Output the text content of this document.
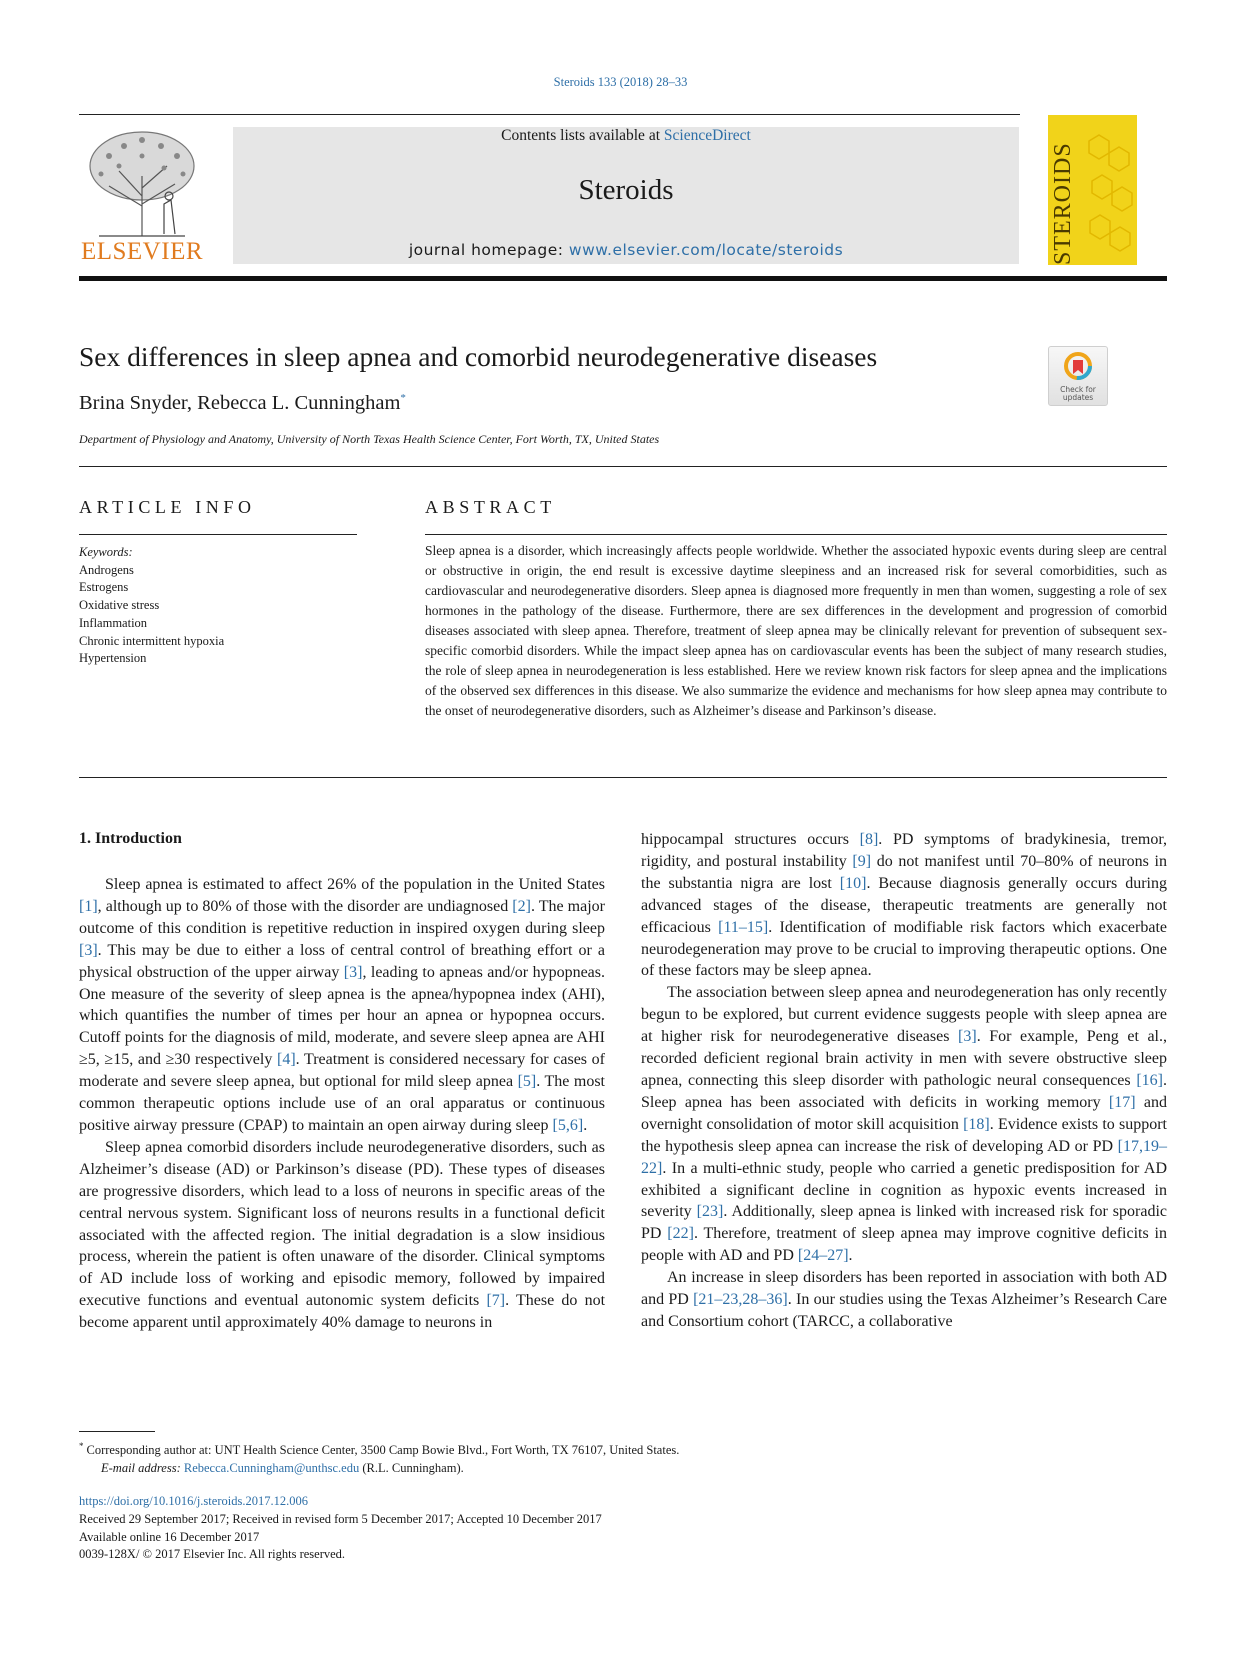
Steroids 133 (2018) 28–33
ELSEVIER
Contents lists available at ScienceDirect
Steroids
journal homepage: www.elsevier.com/locate/steroids	STEROIDS
Sex differences in sleep apnea and comorbid neurodegenerative diseases
Check for updates
Brina Snyder, Rebecca L. Cunningham*
Department of Physiology and Anatomy, University of North Texas Health Science Center, Fort Worth, TX, United States
ARTICLE INFO	ABSTRACT
Keywords:
Androgens
Estrogens
Oxidative stress
Inflammation
Chronic intermittent hypoxia
Hypertension
Sleep apnea is a disorder, which increasingly affects people worldwide. Whether the associated hypoxic events during sleep are central or obstructive in origin, the end result is excessive daytime sleepiness and an increased risk for several comorbidities, such as cardiovascular and neurodegenerative disorders. Sleep apnea is diagnosed more frequently in men than women, suggesting a role of sex hormones in the pathology of the disease. Furthermore, there are sex differences in the development and progression of comorbid diseases associated with sleep apnea. Therefore, treatment of sleep apnea may be clinically relevant for prevention of subsequent sex-specific comorbid disorders. While the impact sleep apnea has on cardiovascular events has been the subject of many research studies, the role of sleep apnea in neurodegeneration is less established. Here we review known risk factors for sleep apnea and the implications of the observed sex differences in this disease. We also summarize the evidence and mechanisms for how sleep apnea may contribute to the onset of neurodegenerative disorders, such as Alzheimer’s disease and Parkinson’s disease.
1. Introduction

Sleep apnea is estimated to affect 26% of the population in the United States [1], although up to 80% of those with the disorder are undiagnosed [2]. The major outcome of this condition is repetitive reduction in inspired oxygen during sleep [3]. This may be due to either a loss of central control of breathing effort or a physical obstruction of the upper airway [3], leading to apneas and/or hypopneas. One measure of the severity of sleep apnea is the apnea/hypopnea index (AHI), which quantifies the number of times per hour an apnea or hypopnea occurs. Cutoff points for the diagnosis of mild, moderate, and severe sleep apnea are AHI ≥5, ≥15, and ≥30 respectively [4]. Treatment is considered necessary for cases of moderate and severe sleep apnea, but optional for mild sleep apnea [5]. The most common therapeutic options include use of an oral apparatus or continuous positive airway pressure (CPAP) to maintain an open airway during sleep [5,6].

Sleep apnea comorbid disorders include neurodegenerative disorders, such as Alzheimer’s disease (AD) or Parkinson’s disease (PD). These types of diseases are progressive disorders, which lead to a loss of neurons in specific areas of the central nervous system. Significant loss of neurons results in a functional deficit associated with the affected region. The initial degradation is a slow insidious process, wherein the patient is often unaware of the disorder. Clinical symptoms of AD include loss of working and episodic memory, followed by impaired executive functions and eventual autonomic system deficits [7]. These do not become apparent until approximately 40% damage to neurons in

hippocampal structures occurs [8]. PD symptoms of bradykinesia, tremor, rigidity, and postural instability [9] do not manifest until 70–80% of neurons in the substantia nigra are lost [10]. Because diagnosis generally occurs during advanced stages of the disease, therapeutic treatments are generally not efficacious [11–15]. Identification of modifiable risk factors which exacerbate neurodegeneration may prove to be crucial to improving therapeutic options. One of these factors may be sleep apnea.

The association between sleep apnea and neurodegeneration has only recently begun to be explored, but current evidence suggests people with sleep apnea are at higher risk for neurodegenerative diseases [3]. For example, Peng et al., recorded deficient regional brain activity in men with severe obstructive sleep apnea, connecting this sleep disorder with pathologic neural consequences [16]. Sleep apnea has been associated with deficits in working memory [17] and overnight consolidation of motor skill acquisition [18]. Evidence exists to support the hypothesis sleep apnea can increase the risk of developing AD or PD [17,19–22]. In a multi-ethnic study, people who carried a genetic predisposition for AD exhibited a significant decline in cognition as hypoxic events increased in severity [23]. Additionally, sleep apnea is linked with increased risk for sporadic PD [22]. Therefore, treatment of sleep apnea may improve cognitive deficits in people with AD and PD [24–27].

An increase in sleep disorders has been reported in association with both AD and PD [21–23,28–36]. In our studies using the Texas Alzheimer’s Research Care and Consortium cohort (TARCC, a collaborative

* Corresponding author at: UNT Health Science Center, 3500 Camp Bowie Blvd., Fort Worth, TX 76107, United States.
E-mail address: Rebecca.Cunningham@unthsc.edu (R.L. Cunningham).
https://doi.org/10.1016/j.steroids.2017.12.006
Received 29 September 2017; Received in revised form 5 December 2017; Accepted 10 December 2017
Available online 16 December 2017
0039-128X/ © 2017 Elsevier Inc. All rights reserved.
